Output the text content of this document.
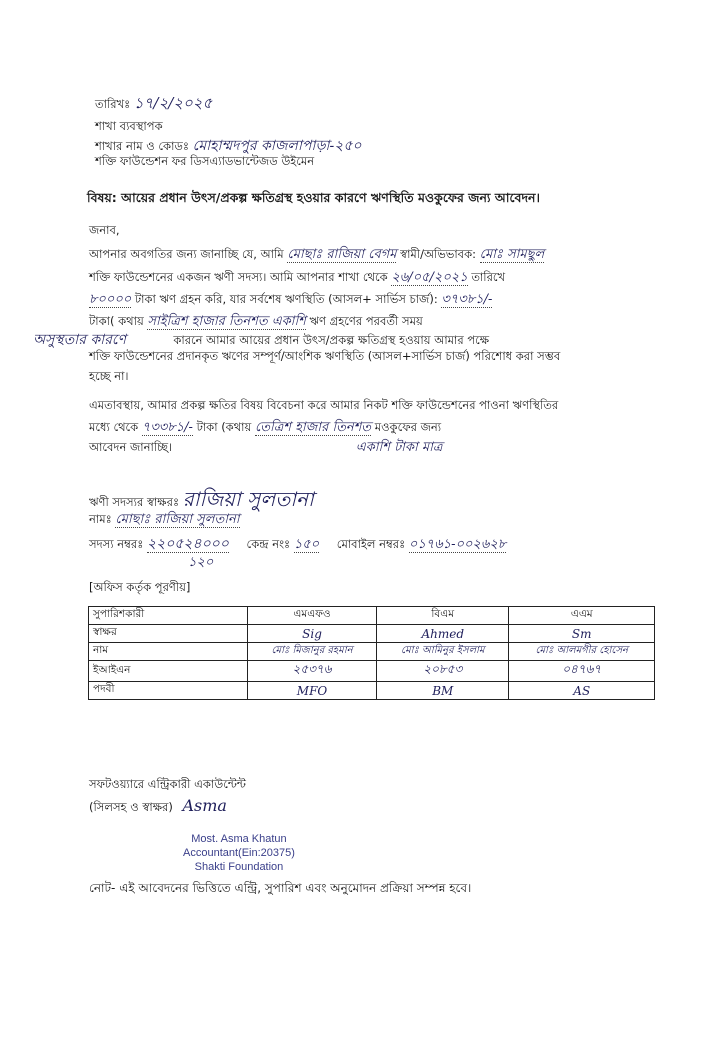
তারিখঃ ১৭/২/২০২৫
শাখা ব্যবস্থাপক
শাখার নাম ও কোডঃ মোহাম্মদপুর কাজলাপাড়া-২৫০
শক্তি ফাউন্ডেশন ফর ডিসএ্যাডভান্টেজড উইমেন
বিষয়: আয়ের প্রধান উৎস/প্রকল্প ক্ষতিগ্রস্থ হওয়ার কারণে ঋণস্থিতি মওকুফের জন্য আবেদন।
জনাব,
আপনার অবগতির জন্য জানাচ্ছি যে, আমি মোছাঃ রাজিয়া বেগম স্বামী/অভিভাবক: মোঃ সামছুল
শক্তি ফাউন্ডেশনের একজন ঋণী সদস্য। আমি আপনার শাখা থেকে ২৬/০৫/২০২১ তারিখে
৮০০০০ টাকা ঋণ গ্রহন করি, যার সর্বশেষ ঋণস্থিতি (আসল+ সার্ভিস চার্জ): ৩৭৩৮১/-
টাকা( কথায় সাইত্রিশ হাজার তিনশত একাশি ঋণ গ্রহণের পরবর্তী সময়
অসুস্থতার কারণে	কারনে আমার আয়ের প্রধান উৎস/প্রকল্প ক্ষতিগ্রস্থ হওয়ায় আমার পক্ষে
শক্তি ফাউন্ডেশনের প্রদানকৃত ঋণের সম্পূর্ণ/আংশিক ঋণস্থিতি (আসল+সার্ভিস চার্জ) পরিশোধ করা সম্ভব
হচ্ছে না।
এমতাবস্থায়, আমার প্রকল্প ক্ষতির বিষয় বিবেচনা করে আমার নিকট শক্তি ফাউন্ডেশনের পাওনা ঋণস্থিতির
মধ্যে থেকে ৭৩৩৮১/- টাকা (কথায় তেত্রিশ হাজার তিনশত মওকুফের জন্য
আবেদন জানাচ্ছি।	একাশি টাকা মাত্র
ঋণী সদস্যর স্বাক্ষরঃ রাজিয়া সুলতানা
নামঃ মোছাঃ রাজিয়া সুলতানা
সদস্য নম্বরঃ ২২০৫২৪০০০ কেন্দ্র নংঃ ১৫০ মোবাইল নম্বরঃ ০১৭৬১-০০২৬২৮
১২০
[অফিস কর্তৃক পূরণীয়]
সুপারিশকারী	এমএফও	বিএম	এএম
স্বাক্ষর	Sig	Ahmed	Sm
নাম	মোঃ মিজানুর রহমান	মোঃ আমিনুর ইসলাম	মোঃ আলমগীর হোসেন
ইআইএন	২৫৩৭৬	২০৮৫৩	০৪৭৬৭
পদবী	MFO	BM	AS
সফটওয়্যারে এন্ট্রিকারী একাউন্টেন্ট
(সিলসহ ও স্বাক্ষর) Asma
Most. Asma Khatun
Accountant(Ein:20375)
Shakti Foundation
নোট- এই আবেদনের ভিত্তিতে এন্ট্রি, সুপারিশ এবং অনুমোদন প্রক্রিয়া সম্পন্ন হবে।
